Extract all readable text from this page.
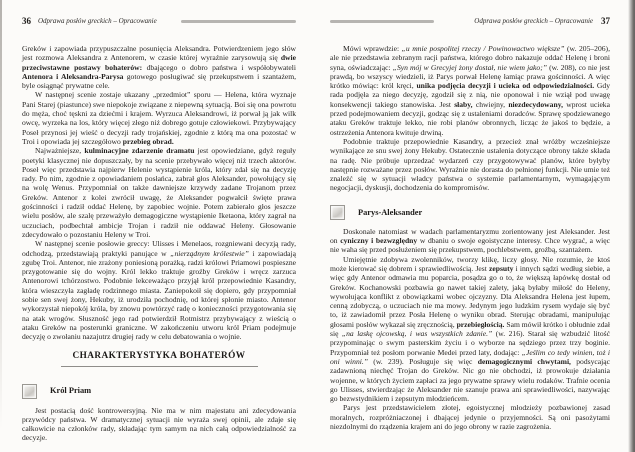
36 Odprawa posłów greckich – Opracowanie

Greków i zapowiada przypuszczalne posunięcia Aleksandra. Potwierdzeniem jego słów jest rozmowa Aleksandra z Antenorem, w czasie której wyraźnie zarysowują się dwie przeciwstawne postawy bohaterów: dbającego o dobro państwa i współobywateli Antenora i Aleksandra-Parysa gotowego posługiwać się przekupstwem i szantażem, byle osiągnąć prywatne cele.

W następnej scenie zostaje ukazany „przedmiot” sporu — Helena, która wyznaje Pani Starej (piastunce) swe niepokoje związane z niepewną sytuacją. Boi się ona powrotu do męża, choć tęskni za dziećmi i krajem. Wyrzuca Aleksandrowi, iż porwał ją jak wilk owcę, wyrzeka na los, który więcej złego niż dobrego gotuje człowiekowi. Przybywający Poseł przynosi jej wieść o decyzji rady trojańskiej, zgodnie z którą ma ona pozostać w Troi i opowiada jej szczegółowo przebieg obrad.

Najważniejsze, kulminacyjne zdarzenie dramatu jest opowiedziane, gdyż reguły poetyki klasycznej nie dopuszczały, by na scenie przebywało więcej niż trzech aktorów. Poseł więc przedstawia najpierw Helenie wystąpienie króla, który zdał się na decyzję rady. Po nim, zgodnie z opowiadaniem posłańca, zabrał głos Aleksander, powołujący się na wolę Wenus. Przypomniał on także dawniejsze krzywdy zadane Trojanom przez Greków. Antenor z kolei zwrócił uwagę, że Aleksander pogwałcił święte prawa gościnności i radził oddać Helenę, by zapobiec wojnie. Potem zabierało głos jeszcze wielu posłów, ale szalę przeważyło demagogiczne wystąpienie Iketaona, który zagrał na uczuciach, podbechtał ambicje Trojan i radził nie oddawać Heleny. Głosowanie zdecydowało o pozostaniu Heleny w Troi.

W następnej scenie posłowie greccy: Ulisses i Menelaos, rozgniewani decyzją rady, odchodzą, przedstawiają praktyki panujące w „nierządnym królestwie” i zapowiadają zgubę Troi. Antenor, nie zrażony poniesioną porażką, radzi królowi Priamowi pospieszne przygotowanie się do wojny. Król lekko traktuje groźby Greków i wręcz zarzuca Antenorowi tchórzostwo. Podobnie lekceważąco przyjął król przepowiednie Kasandry, która wieszczyła zagładę rodzinnego miasta. Zaniepokoił się dopiero, gdy przypomniał sobie sen swej żony, Hekuby, iż urodziła pochodnię, od której spłonie miasto. Antenor wykorzystał niepokój króla, by znowu powtórzyć radę o konieczności przygotowania się na atak wrogów. Słuszność jego rad potwierdził Rotmistrz przybywający z wieścią o ataku Greków na posterunki graniczne. W zakończeniu utworu król Priam podejmuje decyzję o zwołaniu nazajutrz drugiej rady w celu debatowania o wojnie.

CHARAKTERYSTYKA BOHATERÓW
Król Priam

Jest postacią dość kontrowersyjną. Nie ma w nim majestatu ani zdecydowania przywódcy państwa. W dramatycznej sytuacji nie wyraża swej opinii, ale zdaje się całkowicie na członków rady, składając tym samym na nich całą odpowiedzialność za decyzje.

Odprawa posłów greckich – Opracowanie 37

Mówi wprawdzie: „u mnie pospolitej rzeczy / Powinowactwo większe” (w. 205–206), ale nie przedstawia zebranym racji państwa, którego dobro nakazuje oddać Helenę i broni syna, oświadczając: „Syn mój w Grecyjej żony dostał, nie wiem jako;” (w. 208), co nie jest prawdą, bo wszyscy wiedzieli, iż Parys porwał Helenę łamiąc prawa gościnności. A więc krótko mówiąc: król kręci, unika podjęcia decyzji i ucieka od odpowiedzialności. Gdy rada podjęła za niego decyzję, zgodził się z nią, nie oponował i nie wziął pod uwagę konsekwencji takiego stanowiska. Jest słaby, chwiejny, niezdecydowany, wprost ucieka przed podejmowaniem decyzji, godząc się z ustaleniami doradców. Sprawę spodziewanego ataku Greków traktuje lekko, nie robi planów obronnych, licząc że jakoś to będzie, a ostrzeżenia Antenora kwituje drwiną.

Podobnie traktuje przepowiednie Kasandry, a przecież znał wróżby wcześniejsze wynikające ze snu swej żony Hekuby. Ostatecznie ustalenia dotyczące obrony także składa na radę. Nie próbuje uprzedzać wydarzeń czy przygotowywać planów, które byłyby następnie rozważane przez posłów. Wyraźnie nie dorasta do pełnionej funkcji. Nie umie też znaleźć się w sytuacji władcy państwa o systemie parlamentarnym, wymagającym negocjacji, dyskusji, dochodzenia do kompromisów.

Parys-Aleksander

Doskonale natomiast w wadach parlamentaryzmu zorientowany jest Aleksander. Jest on cyniczny i bezwzględny w dbaniu o swoje egoistyczne interesy. Chce wygrać, a więc nie waha się przed posłużeniem się przekupstwem, pochlebstwem, groźbą, szantażem.

Umiejętnie zdobywa zwolenników, tworzy klikę, liczy głosy. Nie rozumie, że ktoś może kierować się dobrem i sprawiedliwością. Jest zepsuty i innych sądzi według siebie, a więc gdy Antenor odmawia mu poparcia, posądza go o to, że większą łapówkę dostał od Greków. Kochanowski pozbawia go nawet takiej zalety, jaką byłaby miłość do Heleny, wywołująca konflikt z obowiązkami wobec ojczyzny. Dla Aleksandra Helena jest łupem, cenną zdobyczą, o uczuciach nie ma mowy. Jedynym jego ludzkim rysem wydaje się być to, iż zawiadomił przez Posła Helenę o wyniku obrad. Sterując obradami, manipulując głosami posłów wykazał się zręcznością, przebiegłością. Sam mówił krótko i obłudnie zdał się „na laskę ojcowską, i was wszystkich zdanie.” (w. 216). Starał się wzbudzić litość przypominając o swym pasterskim życiu i o wyborze na sędziego przez trzy boginie. Przypomniał też posłom porwanie Medei przed laty, dodając: „Jeślim co tedy winien, toż i oni winni.” (w. 239). Posługuje się więc demagogicznymi chwytami, podsycając zadawnioną niechęć Trojan do Greków. Nic go nie obchodzi, iż prowokuje działania wojenne, w których życiem zapłaci za jego prywatne sprawy wielu rodaków. Trafnie ocenia go Ulisses, stwierdzając że Aleksander nie szanuje prawa ani sprawiedliwości, nazywając go bezwstydnikiem i zepsutym młodzieńcem.

Parys jest przedstawicielem złotej, egoistycznej młodzieży pozbawionej zasad moralnych, rozpróżniaczonej i dbającej jedynie o przyjemności. Są oni pasożytami niezdolnymi do rządzenia krajem ani do jego obrony w razie zagrożenia.
